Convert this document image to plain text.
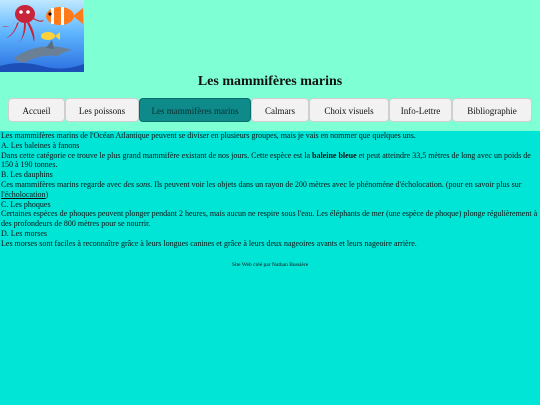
Les mammifères marins
Accueil	Les poissons	Les mammifères marins	Calmars	Choix visuels	Info-Lettre	Bibliographie

Les mammifères marins de l'Océan Atlantique peuvent se diviser en plusieurs groupes, mais je vais en nommer que quelques uns.

A. Les baleines à fanons

Dans cette catégorie ce trouve le plus grand mammifère existant de nos jours. Cette espèce est la baleine bleue et peut atteindre 33,5 mètres de long avec un poids de 150 à 190 tonnes.

B. Les dauphins

Ces mammifères marins regarde avec des sons. Ils peuvent voir les objets dans un rayon de 200 mètres avec le phénomène d'écholocation. (pour en savoir plus sur l'écholocation)

C. Les phoques

Certaines espèces de phoques peuvent plonger pendant 2 heures, mais aucun ne respire sous l'eau. Les éléphants de mer (une espèce de phoque) plonge régulièrement à des profondeurs de 800 mètres pour se nourrir.

D. Les morses

Les morses sont faciles à reconnaître grâce à leurs longues canines et grâce à leurs deux nageoires avants et leurs nageoire arrière.

Site Web créé par Nathan Bussière
